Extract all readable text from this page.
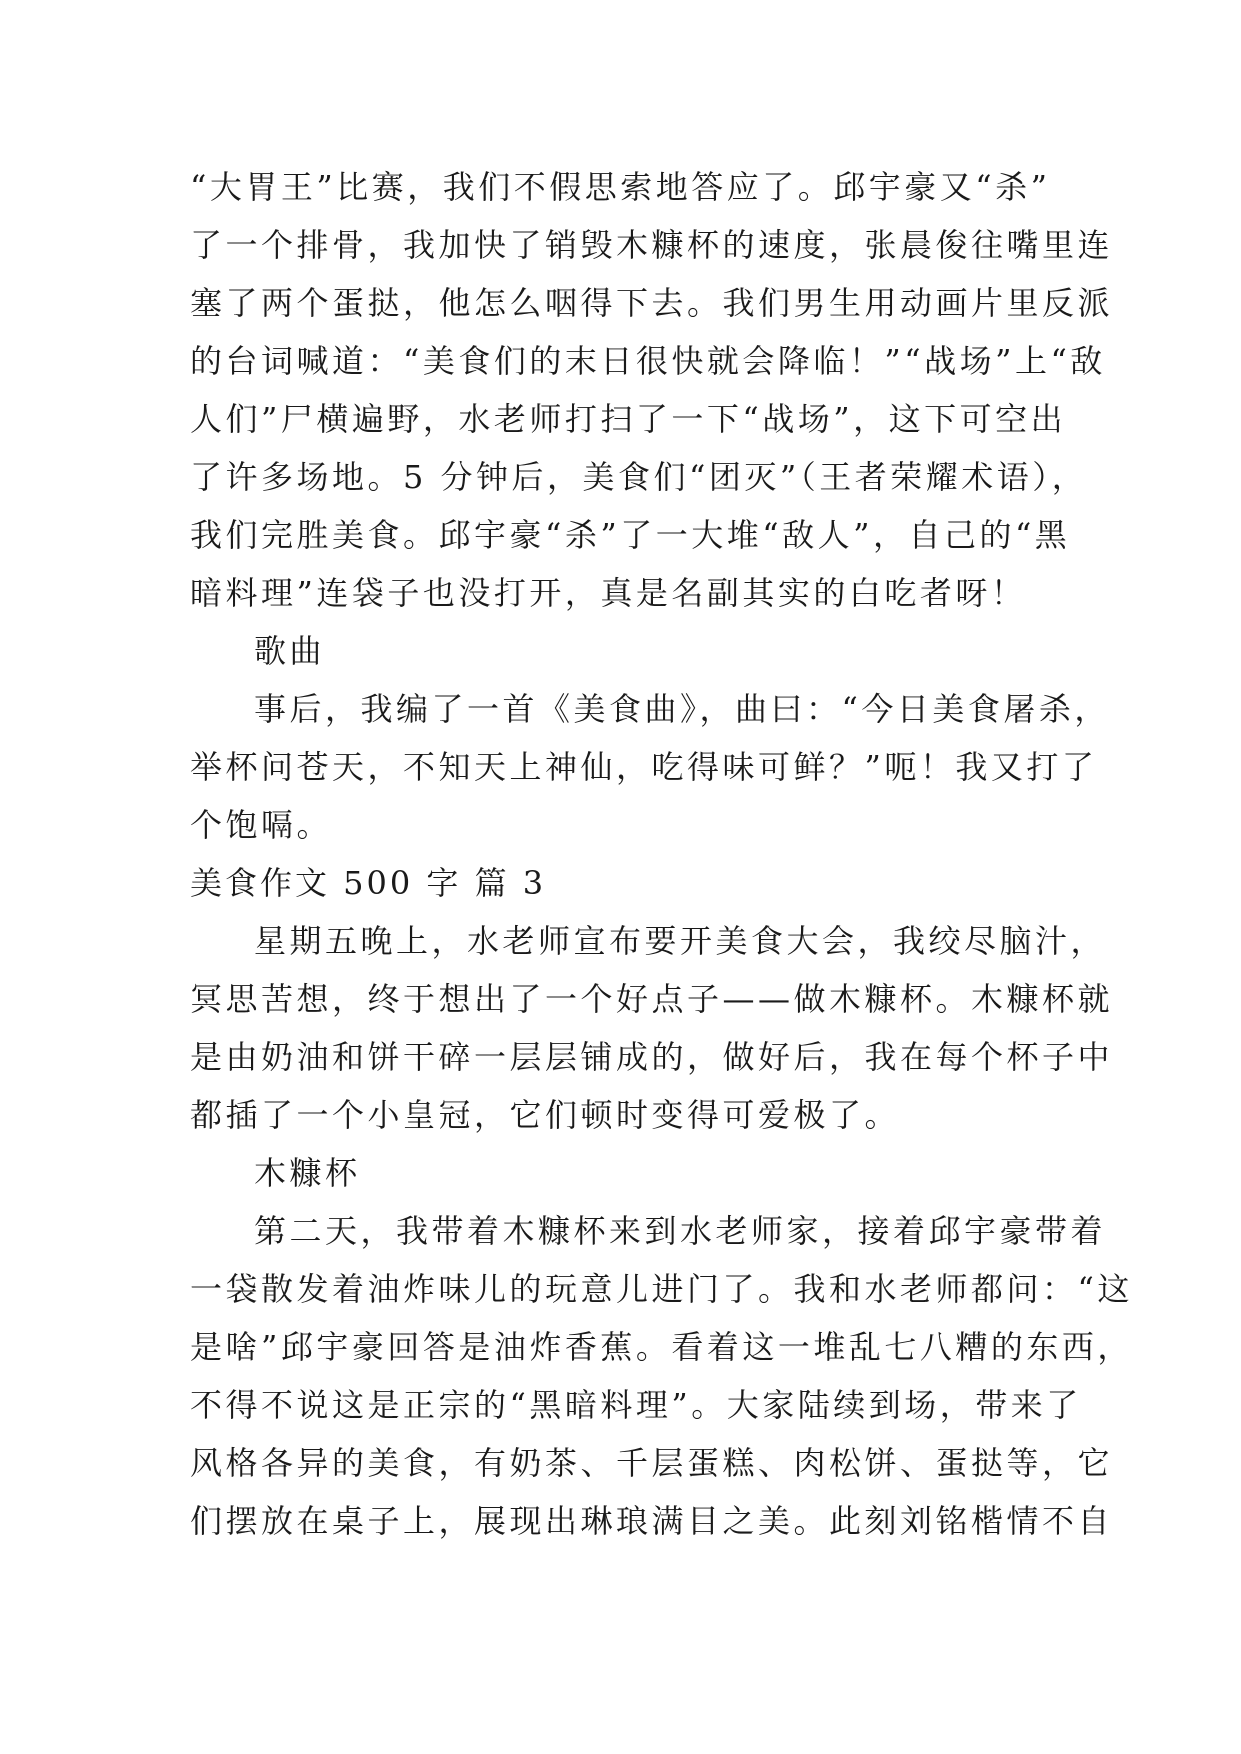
“大胃王”比赛，我们不假思索地答应了。邱宇豪又“杀”
了一个排骨，我加快了销毁木糠杯的速度，张晨俊往嘴里连
塞了两个蛋挞，他怎么咽得下去。我们男生用动画片里反派
的台词喊道：“美食们的末日很快就会降临！”“战场”上“敌
人们”尸横遍野，水老师打扫了一下“战场”，这下可空出
了许多场地。5 分钟后，美食们“团灭”（王者荣耀术语），
我们完胜美食。邱宇豪“杀”了一大堆“敌人”，自己的“黑
暗料理”连袋子也没打开，真是名副其实的白吃者呀！
歌曲
事后，我编了一首《美食曲》，曲曰：“今日美食屠杀，
举杯问苍天，不知天上神仙，吃得味可鲜？”呃！我又打了
个饱嗝。
美食作文 500 字 篇 3
星期五晚上，水老师宣布要开美食大会，我绞尽脑汁，
冥思苦想，终于想出了一个好点子——做木糠杯。木糠杯就
是由奶油和饼干碎一层层铺成的，做好后，我在每个杯子中
都插了一个小皇冠，它们顿时变得可爱极了。
木糠杯
第二天，我带着木糠杯来到水老师家，接着邱宇豪带着
一袋散发着油炸味儿的玩意儿进门了。我和水老师都问：“这
是啥”邱宇豪回答是油炸香蕉。看着这一堆乱七八糟的东西，
不得不说这是正宗的“黑暗料理”。大家陆续到场，带来了
风格各异的美食，有奶茶、千层蛋糕、肉松饼、蛋挞等，它
们摆放在桌子上，展现出琳琅满目之美。此刻刘铭楷情不自
